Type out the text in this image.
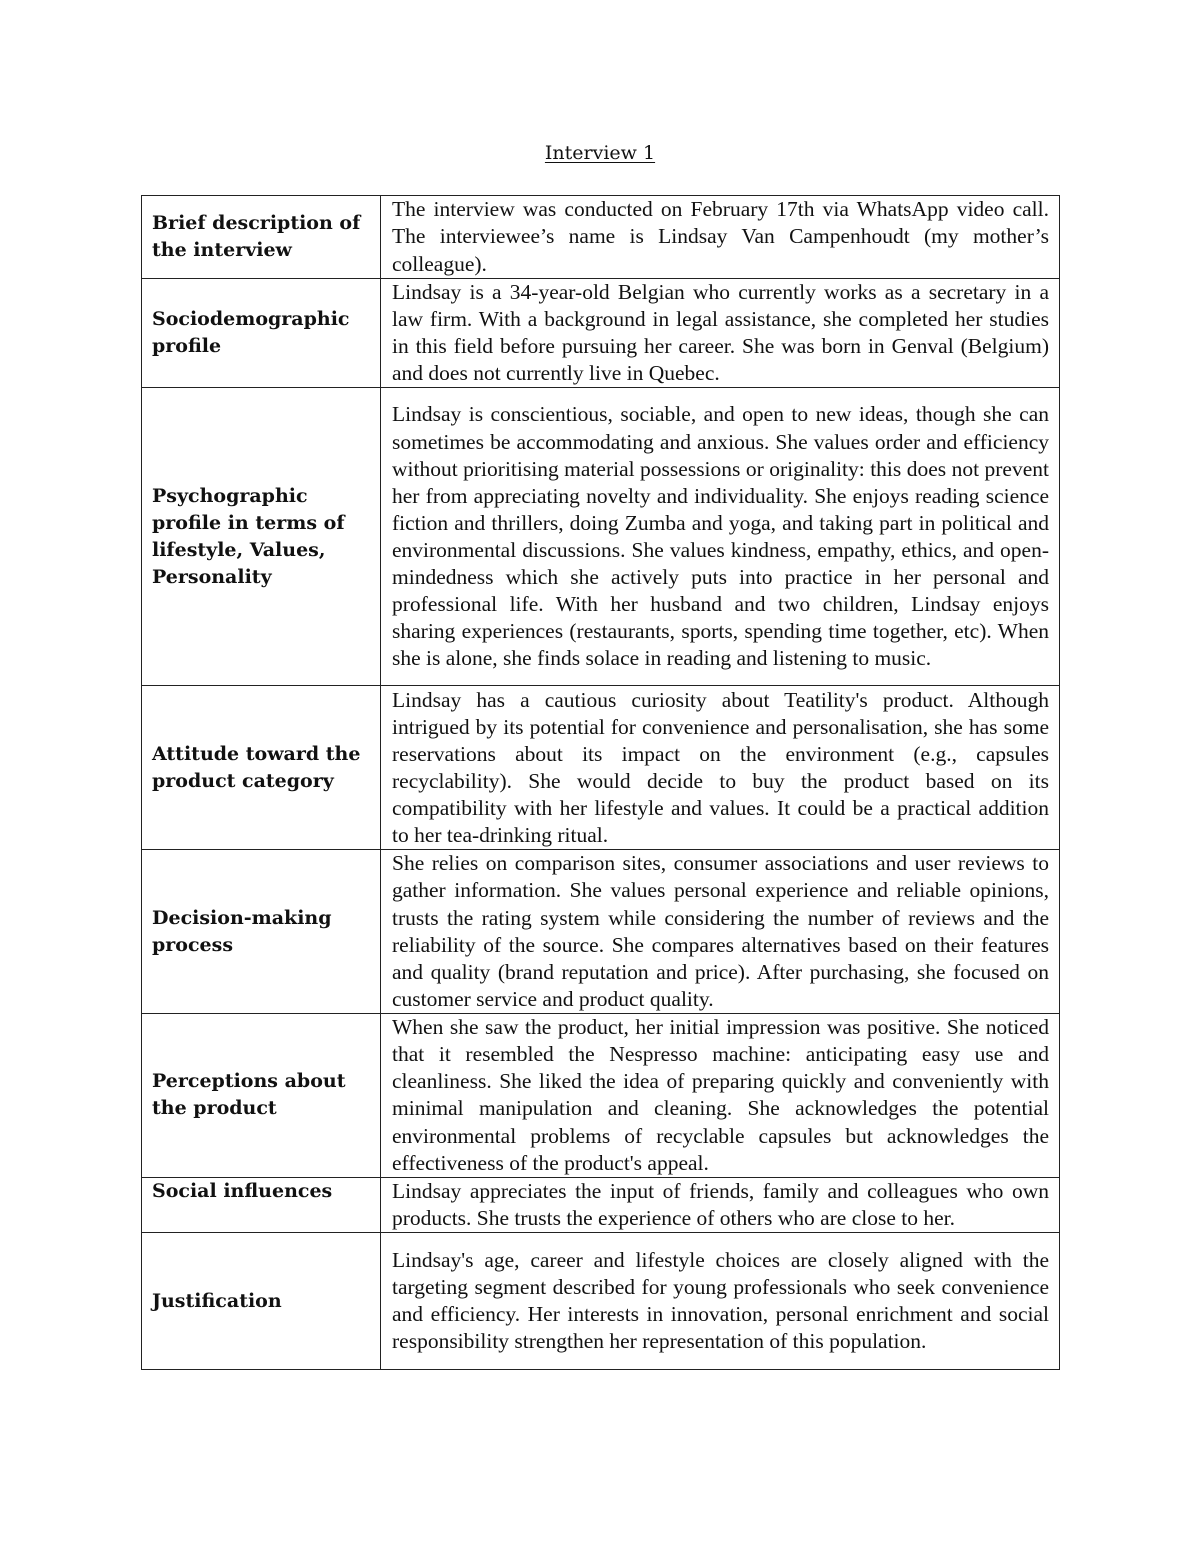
Interview 1
Brief description of the interview	The interview was conducted on February 17th via WhatsApp video call. The interviewee’s name is Lindsay Van Campenhoudt (my mother’s colleague).
Sociodemographic profile	Lindsay is a 34-year-old Belgian who currently works as a secretary in a law firm. With a background in legal assistance, she completed her studies in this field before pursuing her career. She was born in Genval (Belgium) and does not currently live in Quebec.
Psychographic profile in terms of lifestyle, Values, Personality	Lindsay is conscientious, sociable, and open to new ideas, though she can sometimes be accommodating and anxious. She values order and efficiency without prioritising material possessions or originality: this does not prevent her from appreciating novelty and individuality. She enjoys reading science fiction and thrillers, doing Zumba and yoga, and taking part in political and environmental discussions. She values kindness, empathy, ethics, and open-mindedness which she actively puts into practice in her personal and professional life. With her husband and two children, Lindsay enjoys sharing experiences (restaurants, sports, spending time together, etc). When she is alone, she finds solace in reading and listening to music.
Attitude toward the product category	Lindsay has a cautious curiosity about Teatility's product. Although intrigued by its potential for convenience and personalisation, she has some reservations about its impact on the environment (e.g., capsules recyclability). She would decide to buy the product based on its compatibility with her lifestyle and values. It could be a practical addition to her tea-drinking ritual.
Decision-making process	She relies on comparison sites, consumer associations and user reviews to gather information. She values personal experience and reliable opinions, trusts the rating system while considering the number of reviews and the reliability of the source. She compares alternatives based on their features and quality (brand reputation and price). After purchasing, she focused on customer service and product quality.
Perceptions about the product	When she saw the product, her initial impression was positive. She noticed that it resembled the Nespresso machine: anticipating easy use and cleanliness. She liked the idea of preparing quickly and conveniently with minimal manipulation and cleaning. She acknowledges the potential environmental problems of recyclable capsules but acknowledges the effectiveness of the product's appeal.
Social influences	Lindsay appreciates the input of friends, family and colleagues who own products. She trusts the experience of others who are close to her.
Justification	Lindsay's age, career and lifestyle choices are closely aligned with the targeting segment described for young professionals who seek convenience and efficiency. Her interests in innovation, personal enrichment and social responsibility strengthen her representation of this population.
